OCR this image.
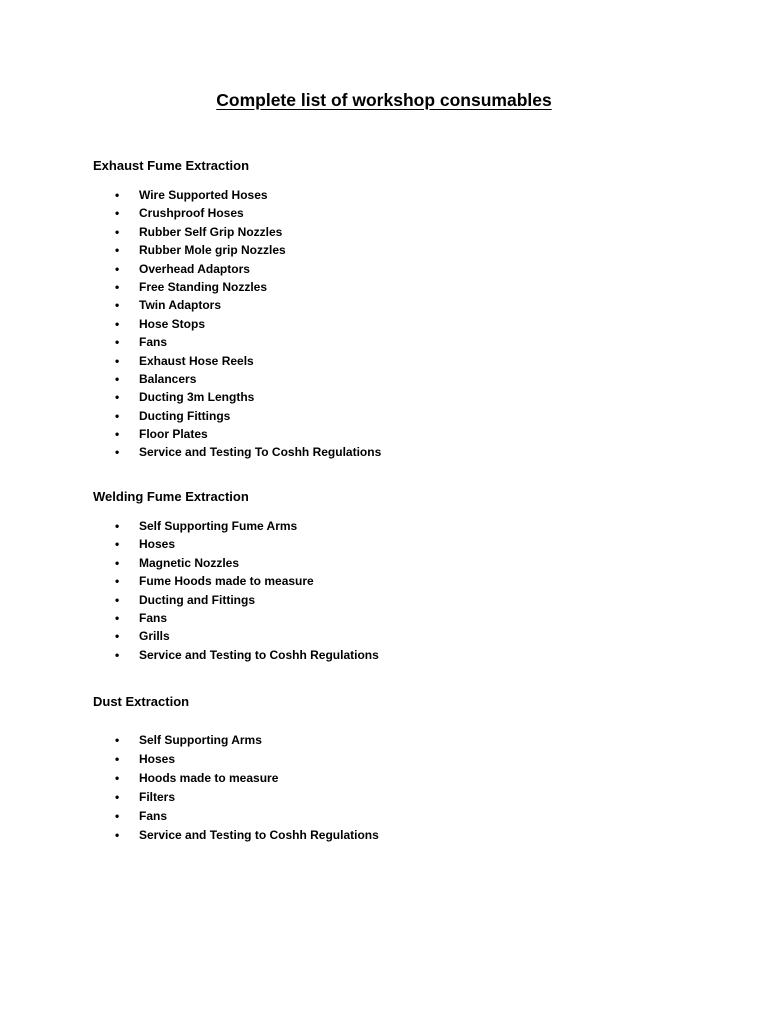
Complete list of workshop consumables
Exhaust Fume Extraction
• Wire Supported Hoses
• Crushproof Hoses
• Rubber Self Grip Nozzles
• Rubber Mole grip Nozzles
• Overhead Adaptors
• Free Standing Nozzles
• Twin Adaptors
• Hose Stops
• Fans
• Exhaust Hose Reels
• Balancers
• Ducting 3m Lengths
• Ducting Fittings
• Floor Plates
• Service and Testing To Coshh Regulations
Welding Fume Extraction
• Self Supporting Fume Arms
• Hoses
• Magnetic Nozzles
• Fume Hoods made to measure
• Ducting and Fittings
• Fans
• Grills
• Service and Testing to Coshh Regulations
Dust Extraction
• Self Supporting Arms
• Hoses
• Hoods made to measure
• Filters
• Fans
• Service and Testing to Coshh Regulations
